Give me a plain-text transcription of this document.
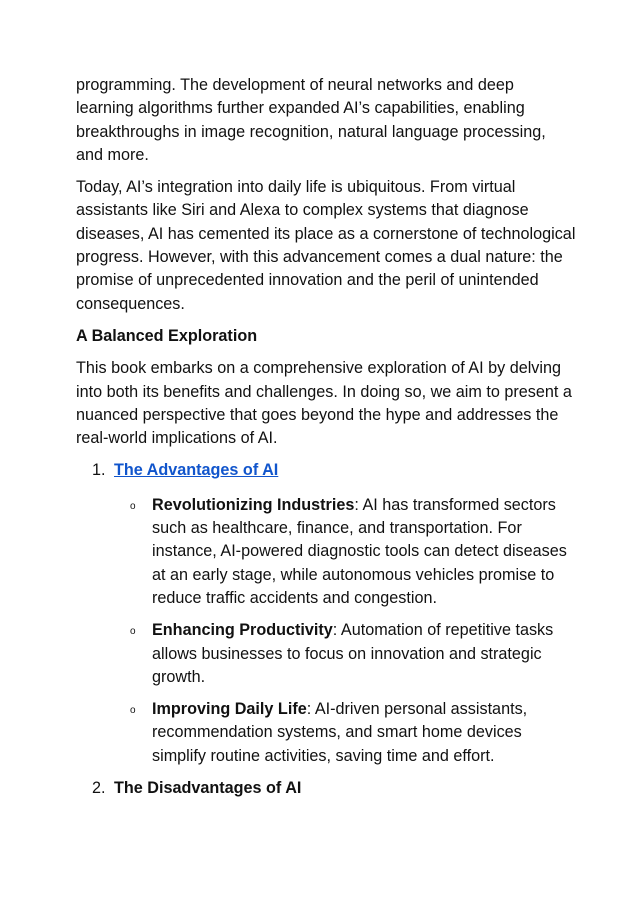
programming. The development of neural networks and deep learning algorithms further expanded AI’s capabilities, enabling breakthroughs in image recognition, natural language processing, and more.

Today, AI’s integration into daily life is ubiquitous. From virtual assistants like Siri and Alexa to complex systems that diagnose diseases, AI has cemented its place as a cornerstone of technological progress. However, with this advancement comes a dual nature: the promise of unprecedented innovation and the peril of unintended consequences.

A Balanced Exploration

This book embarks on a comprehensive exploration of AI by delving into both its benefits and challenges. In doing so, we aim to present a nuanced perspective that goes beyond the hype and addresses the real-world implications of AI.

1. The Advantages of AI
o Revolutionizing Industries: AI has transformed sectors such as healthcare, finance, and transportation. For instance, AI-powered diagnostic tools can detect diseases at an early stage, while autonomous vehicles promise to reduce traffic accidents and congestion.
o Enhancing Productivity: Automation of repetitive tasks allows businesses to focus on innovation and strategic growth.
o Improving Daily Life: AI-driven personal assistants, recommendation systems, and smart home devices simplify routine activities, saving time and effort.
2. The Disadvantages of AI
